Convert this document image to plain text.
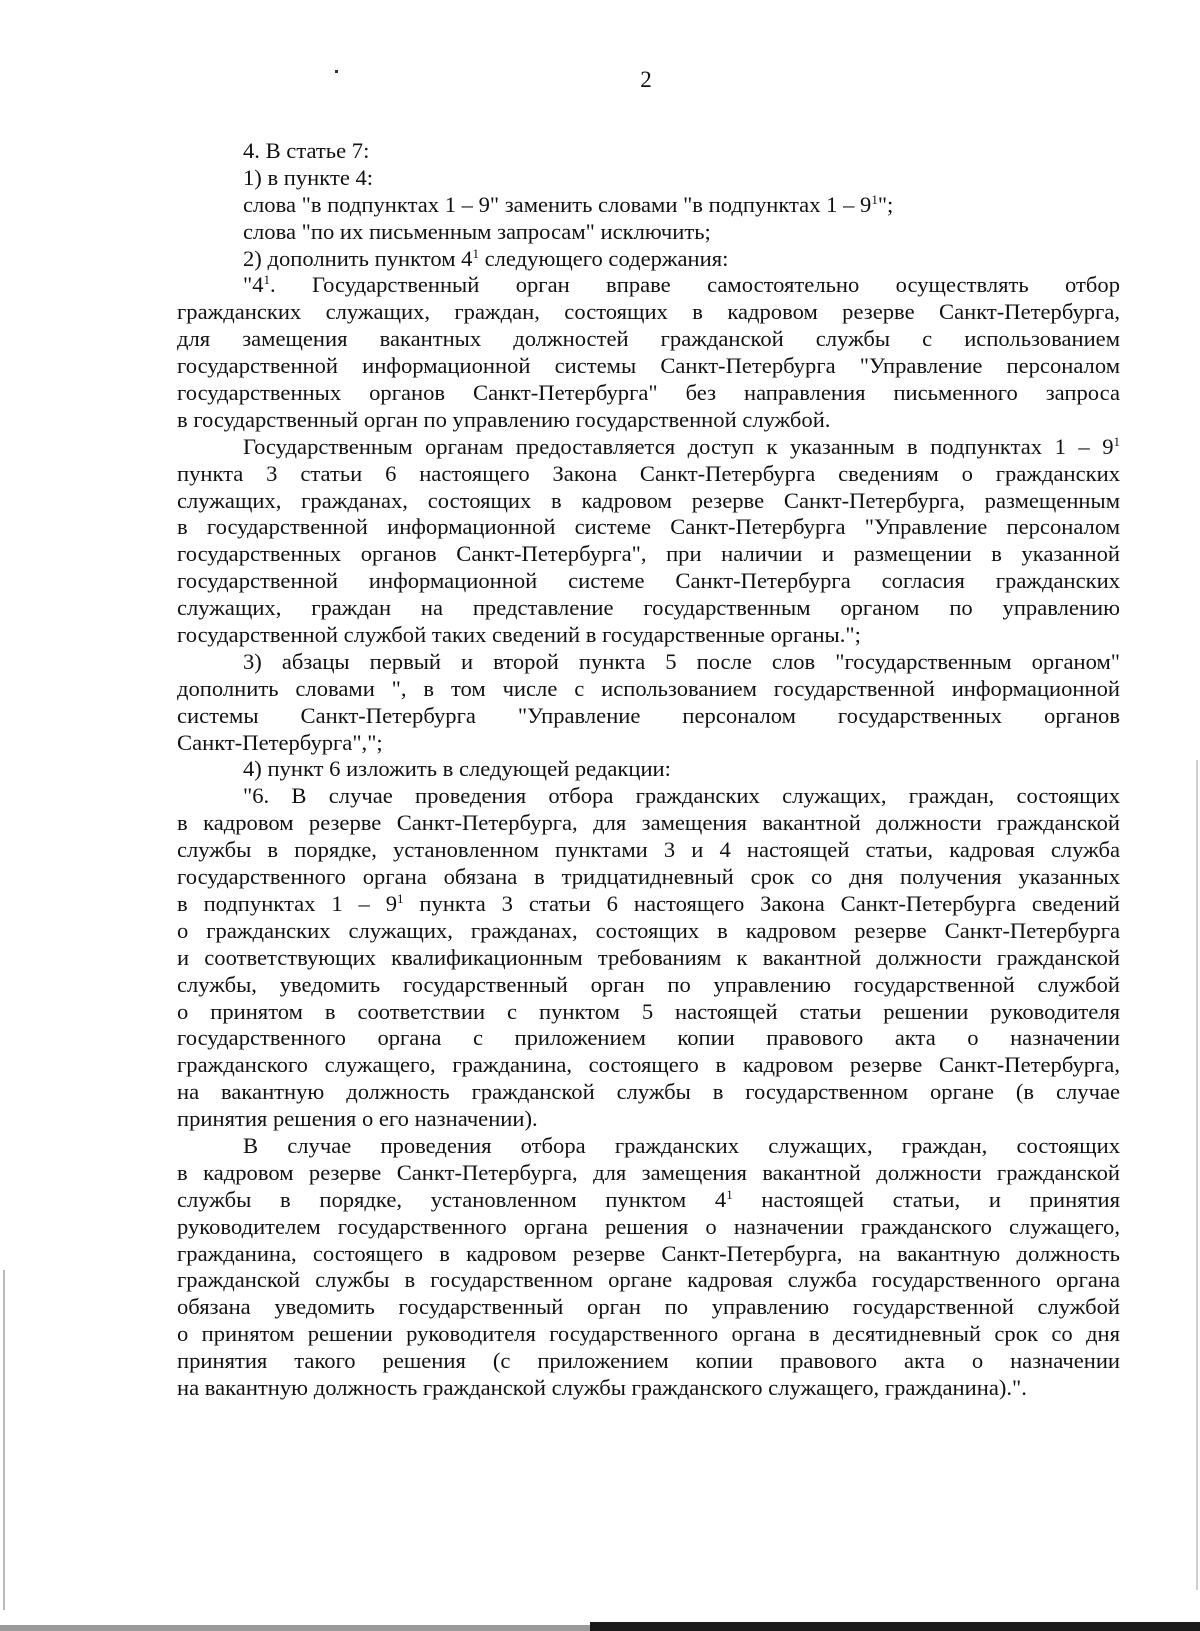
2
4. В статье 7:
1) в пункте 4:
слова "в подпунктах 1 – 9" заменить словами "в подпунктах $1 - 9^1$";
слова "по их письменным запросам" исключить;
2) дополнить пунктом $4^1$ следующего содержания:
"$4^1$. Государственный орган вправе самостоятельно осуществлять отбор
гражданских служащих, граждан, состоящих в кадровом резерве Санкт-Петербурга,
для замещения вакантных должностей гражданской службы с использованием
государственной информационной системы Санкт-Петербурга "Управление персоналом
государственных органов Санкт-Петербурга" без направления письменного запроса
в государственный орган по управлению государственной службой.
Государственным органам предоставляется доступ к указанным в подпунктах $1 - 9^1$
пункта 3 статьи 6 настоящего Закона Санкт-Петербурга сведениям о гражданских
служащих, гражданах, состоящих в кадровом резерве Санкт-Петербурга, размещенным
в государственной информационной системе Санкт-Петербурга "Управление персоналом
государственных органов Санкт-Петербурга", при наличии и размещении в указанной
государственной информационной системе Санкт-Петербурга согласия гражданских
служащих, граждан на представление государственным органом по управлению
государственной службой таких сведений в государственные органы.";
3) абзацы первый и второй пункта 5 после слов "государственным органом"
дополнить словами ", в том числе с использованием государственной информационной
системы Санкт-Петербурга "Управление персоналом государственных органов
Санкт-Петербурга",";
4) пункт 6 изложить в следующей редакции:
"6. В случае проведения отбора гражданских служащих, граждан, состоящих
в кадровом резерве Санкт-Петербурга, для замещения вакантной должности гражданской
службы в порядке, установленном пунктами 3 и 4 настоящей статьи, кадровая служба
государственного органа обязана в тридцатидневный срок со дня получения указанных
в подпунктах $1 - 9^1$ пункта 3 статьи 6 настоящего Закона Санкт-Петербурга сведений
о гражданских служащих, гражданах, состоящих в кадровом резерве Санкт-Петербурга
и соответствующих квалификационным требованиям к вакантной должности гражданской
службы, уведомить государственный орган по управлению государственной службой
о принятом в соответствии с пунктом 5 настоящей статьи решении руководителя
государственного органа с приложением копии правового акта о назначении
гражданского служащего, гражданина, состоящего в кадровом резерве Санкт-Петербурга,
на вакантную должность гражданской службы в государственном органе (в случае
принятия решения о его назначении).
В случае проведения отбора гражданских служащих, граждан, состоящих
в кадровом резерве Санкт-Петербурга, для замещения вакантной должности гражданской
службы в порядке, установленном пунктом $4^1$ настоящей статьи, и принятия
руководителем государственного органа решения о назначении гражданского служащего,
гражданина, состоящего в кадровом резерве Санкт-Петербурга, на вакантную должность
гражданской службы в государственном органе кадровая служба государственного органа
обязана уведомить государственный орган по управлению государственной службой
о принятом решении руководителя государственного органа в десятидневный срок со дня
принятия такого решения (с приложением копии правового акта о назначении
на вакантную должность гражданской службы гражданского служащего, гражданина).".
